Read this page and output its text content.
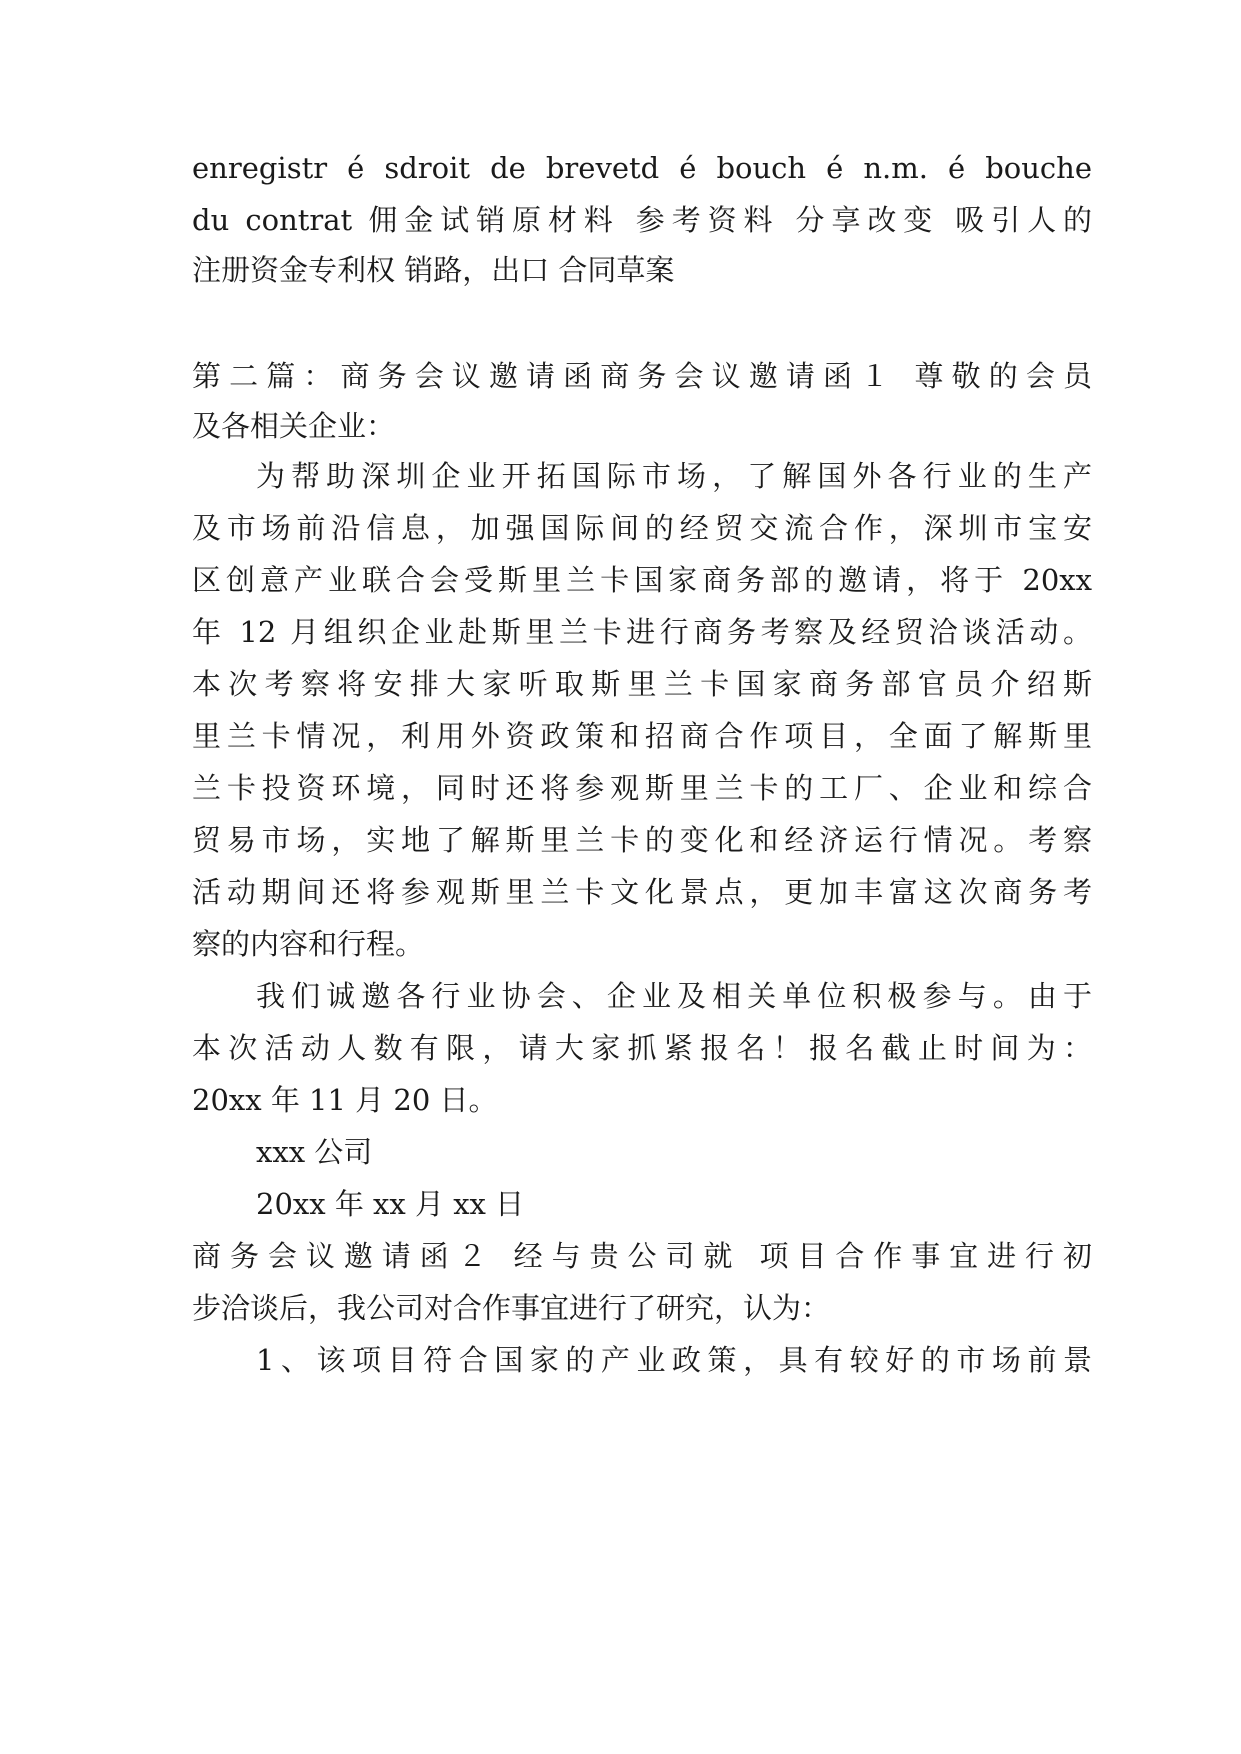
enregistr é sdroit de brevetd é bouch é n.m. é bouche
du contrat 佣金试销原材料 参考资料 分享改变 吸引人的
注册资金专利权 销路，出口 合同草案
第二篇：商务会议邀请函商务会议邀请函１ 尊敬的会员
及各相关企业：
为帮助深圳企业开拓国际市场，了解国外各行业的生产
及市场前沿信息，加强国际间的经贸交流合作，深圳市宝安
区创意产业联合会受斯里兰卡国家商务部的邀请，将于 20xx
年 12 月组织企业赴斯里兰卡进行商务考察及经贸洽谈活动。
本次考察将安排大家听取斯里兰卡国家商务部官员介绍斯
里兰卡情况，利用外资政策和招商合作项目，全面了解斯里
兰卡投资环境，同时还将参观斯里兰卡的工厂、企业和综合
贸易市场，实地了解斯里兰卡的变化和经济运行情况。考察
活动期间还将参观斯里兰卡文化景点，更加丰富这次商务考
察的内容和行程。
我们诚邀各行业协会、企业及相关单位积极参与。由于
本次活动人数有限，请大家抓紧报名！报名截止时间为：
20xx 年 11 月 20 日。
xxx 公司
20xx 年 xx 月 xx 日
商务会议邀请函２ 经与贵公司就 项目合作事宜进行初
步洽谈后，我公司对合作事宜进行了研究，认为：
1、该项目符合国家的产业政策，具有较好的市场前景
